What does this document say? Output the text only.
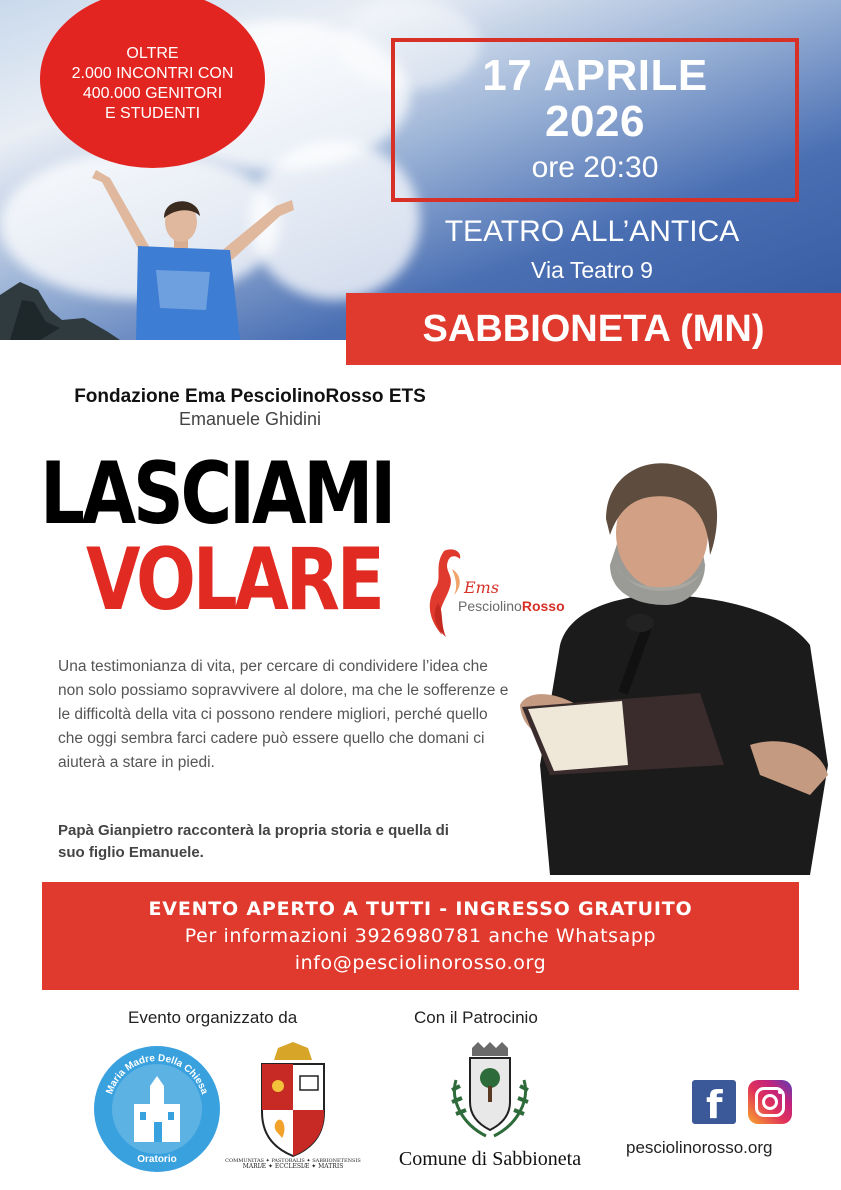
OLTRE
2.000 INCONTRI CON
400.000 GENITORI
E STUDENTI
17 APRILE
2026
ore 20:30
TEATRO ALL’ANTICA
Via Teatro 9
SABBIONETA (MN)
Fondazione Ema PesciolinoRosso ETS
Emanuele Ghidini
LASCIAMI
VOLARE	Ems
PesciolinoRosso
Una testimonianza di vita, per cercare di condividere l’idea che non solo possiamo sopravvivere al dolore, ma che le sofferenze e le difficoltà della vita ci possono rendere migliori, perché quello che oggi sembra farci cadere può essere quello che domani ci aiuterà a stare in piedi.
Papà Gianpietro racconterà la propria storia e quella di suo figlio Emanuele.
EVENTO APERTO A TUTTI - INGRESSO GRATUITO
Per informazioni 3926980781 anche Whatsapp
info@pesciolinorosso.org
Evento organizzato da	Con il Patrocinio
Maria Madre Della Chiesa
Oratorio
MARIÆ ✦ ECCLESIÆ ✦ MATRIS
COMMUNITAS ✦ PASTORALIS ✦ SABBIONETENSIS	Comune di Sabbioneta
f
pesciolinorosso.org
